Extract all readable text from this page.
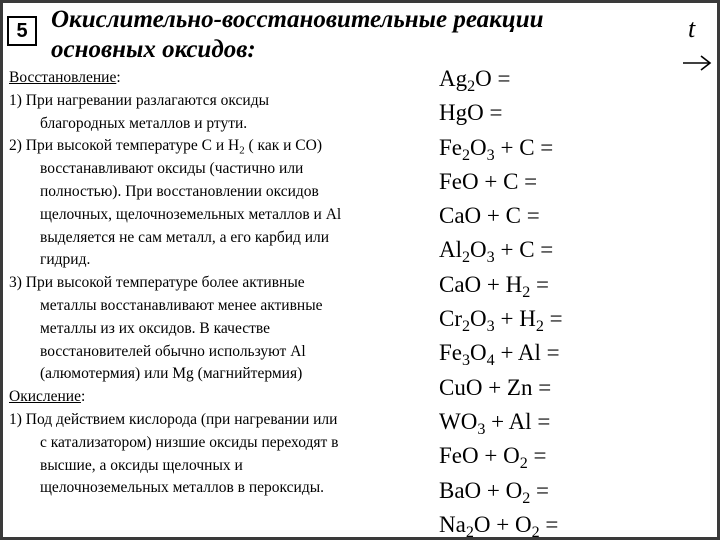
5 Окислительно-восстановительные реакции
основных оксидов:
t
Восстановление:
1) При нагревании разлагаются оксиды
благородных металлов и ртути.
2) При высокой температуре С и $Н_2$ ( как и СО)
восстанавливают оксиды (частично или
полностью). При восстановлении оксидов
щелочных, щелочноземельных металлов и Al
выделяется не сам металл, а его карбид или
гидрид.
3) При высокой температуре более активные
металлы восстанавливают менее активные
металлы из их оксидов. В качестве
восстановителей обычно используют Al
(алюмотермия) или Mg (магнийтермия)
Окисление:
1) Под действием кислорода (при нагревании или
с катализатором) низшие оксиды переходят в
высшие, а оксиды щелочных и
щелочноземельных металлов в пероксиды.
$Ag_2O$ =
HgO =
$Fe_2O_3 + C$ =
FeO + C =
CaO + C =
$Al_2O_3 + C$ =
CaO + $H_2$ =
$Cr_2O_3 + H_2$ =
$Fe_3O_4 + Al$ =
CuO + Zn =
$WO_3 + Al$ =
FeO + $O_2$ =
BaO + $O_2$ =
$Na_2O + O_2$ =
